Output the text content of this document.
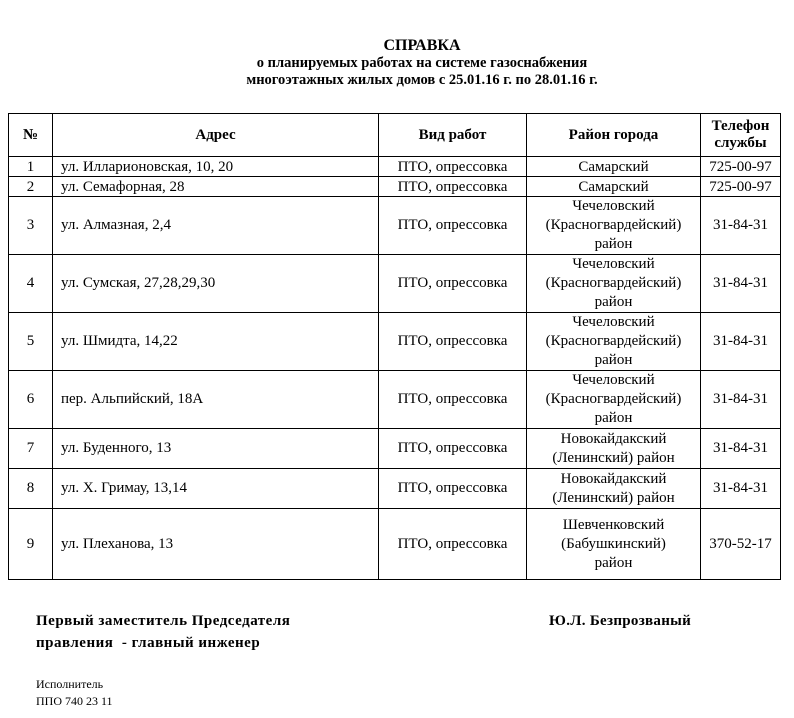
СПРАВКА
о планируемых работах на системе газоснабжения
многоэтажных жилых домов с 25.01.16 г. по 28.01.16 г.
№	Адрес	Вид работ	Район города	Телефон
службы

1	ул. Илларионовская, 10, 20	ПТО, опрессовка	Самарский	725-00-97
2	ул. Семафорная, 28	ПТО, опрессовка	Самарский	725-00-97
3	ул. Алмазная, 2,4	ПТО, опрессовка	Чечеловский
(Красногвардейский)
район	31-84-31
4	ул. Сумская, 27,28,29,30	ПТО, опрессовка	Чечеловский
(Красногвардейский)
район	31-84-31
5	ул. Шмидта, 14,22	ПТО, опрессовка	Чечеловский
(Красногвардейский)
район	31-84-31
6	пер. Альпийский, 18А	ПТО, опрессовка	Чечеловский
(Красногвардейский)
район	31-84-31
7	ул. Буденного, 13	ПТО, опрессовка	Новокайдакский
(Ленинский) район	31-84-31
8	ул. Х. Гримау, 13,14	ПТО, опрессовка	Новокайдакский
(Ленинский) район	31-84-31
9	ул. Плеханова, 13	ПТО, опрессовка	Шевченковский
(Бабушкинский)
район	370-52-17
Первый заместитель Председателя
правления  - главный инженер
Ю.Л. Безпрозваный
Исполнитель
ППО 740 23 11
